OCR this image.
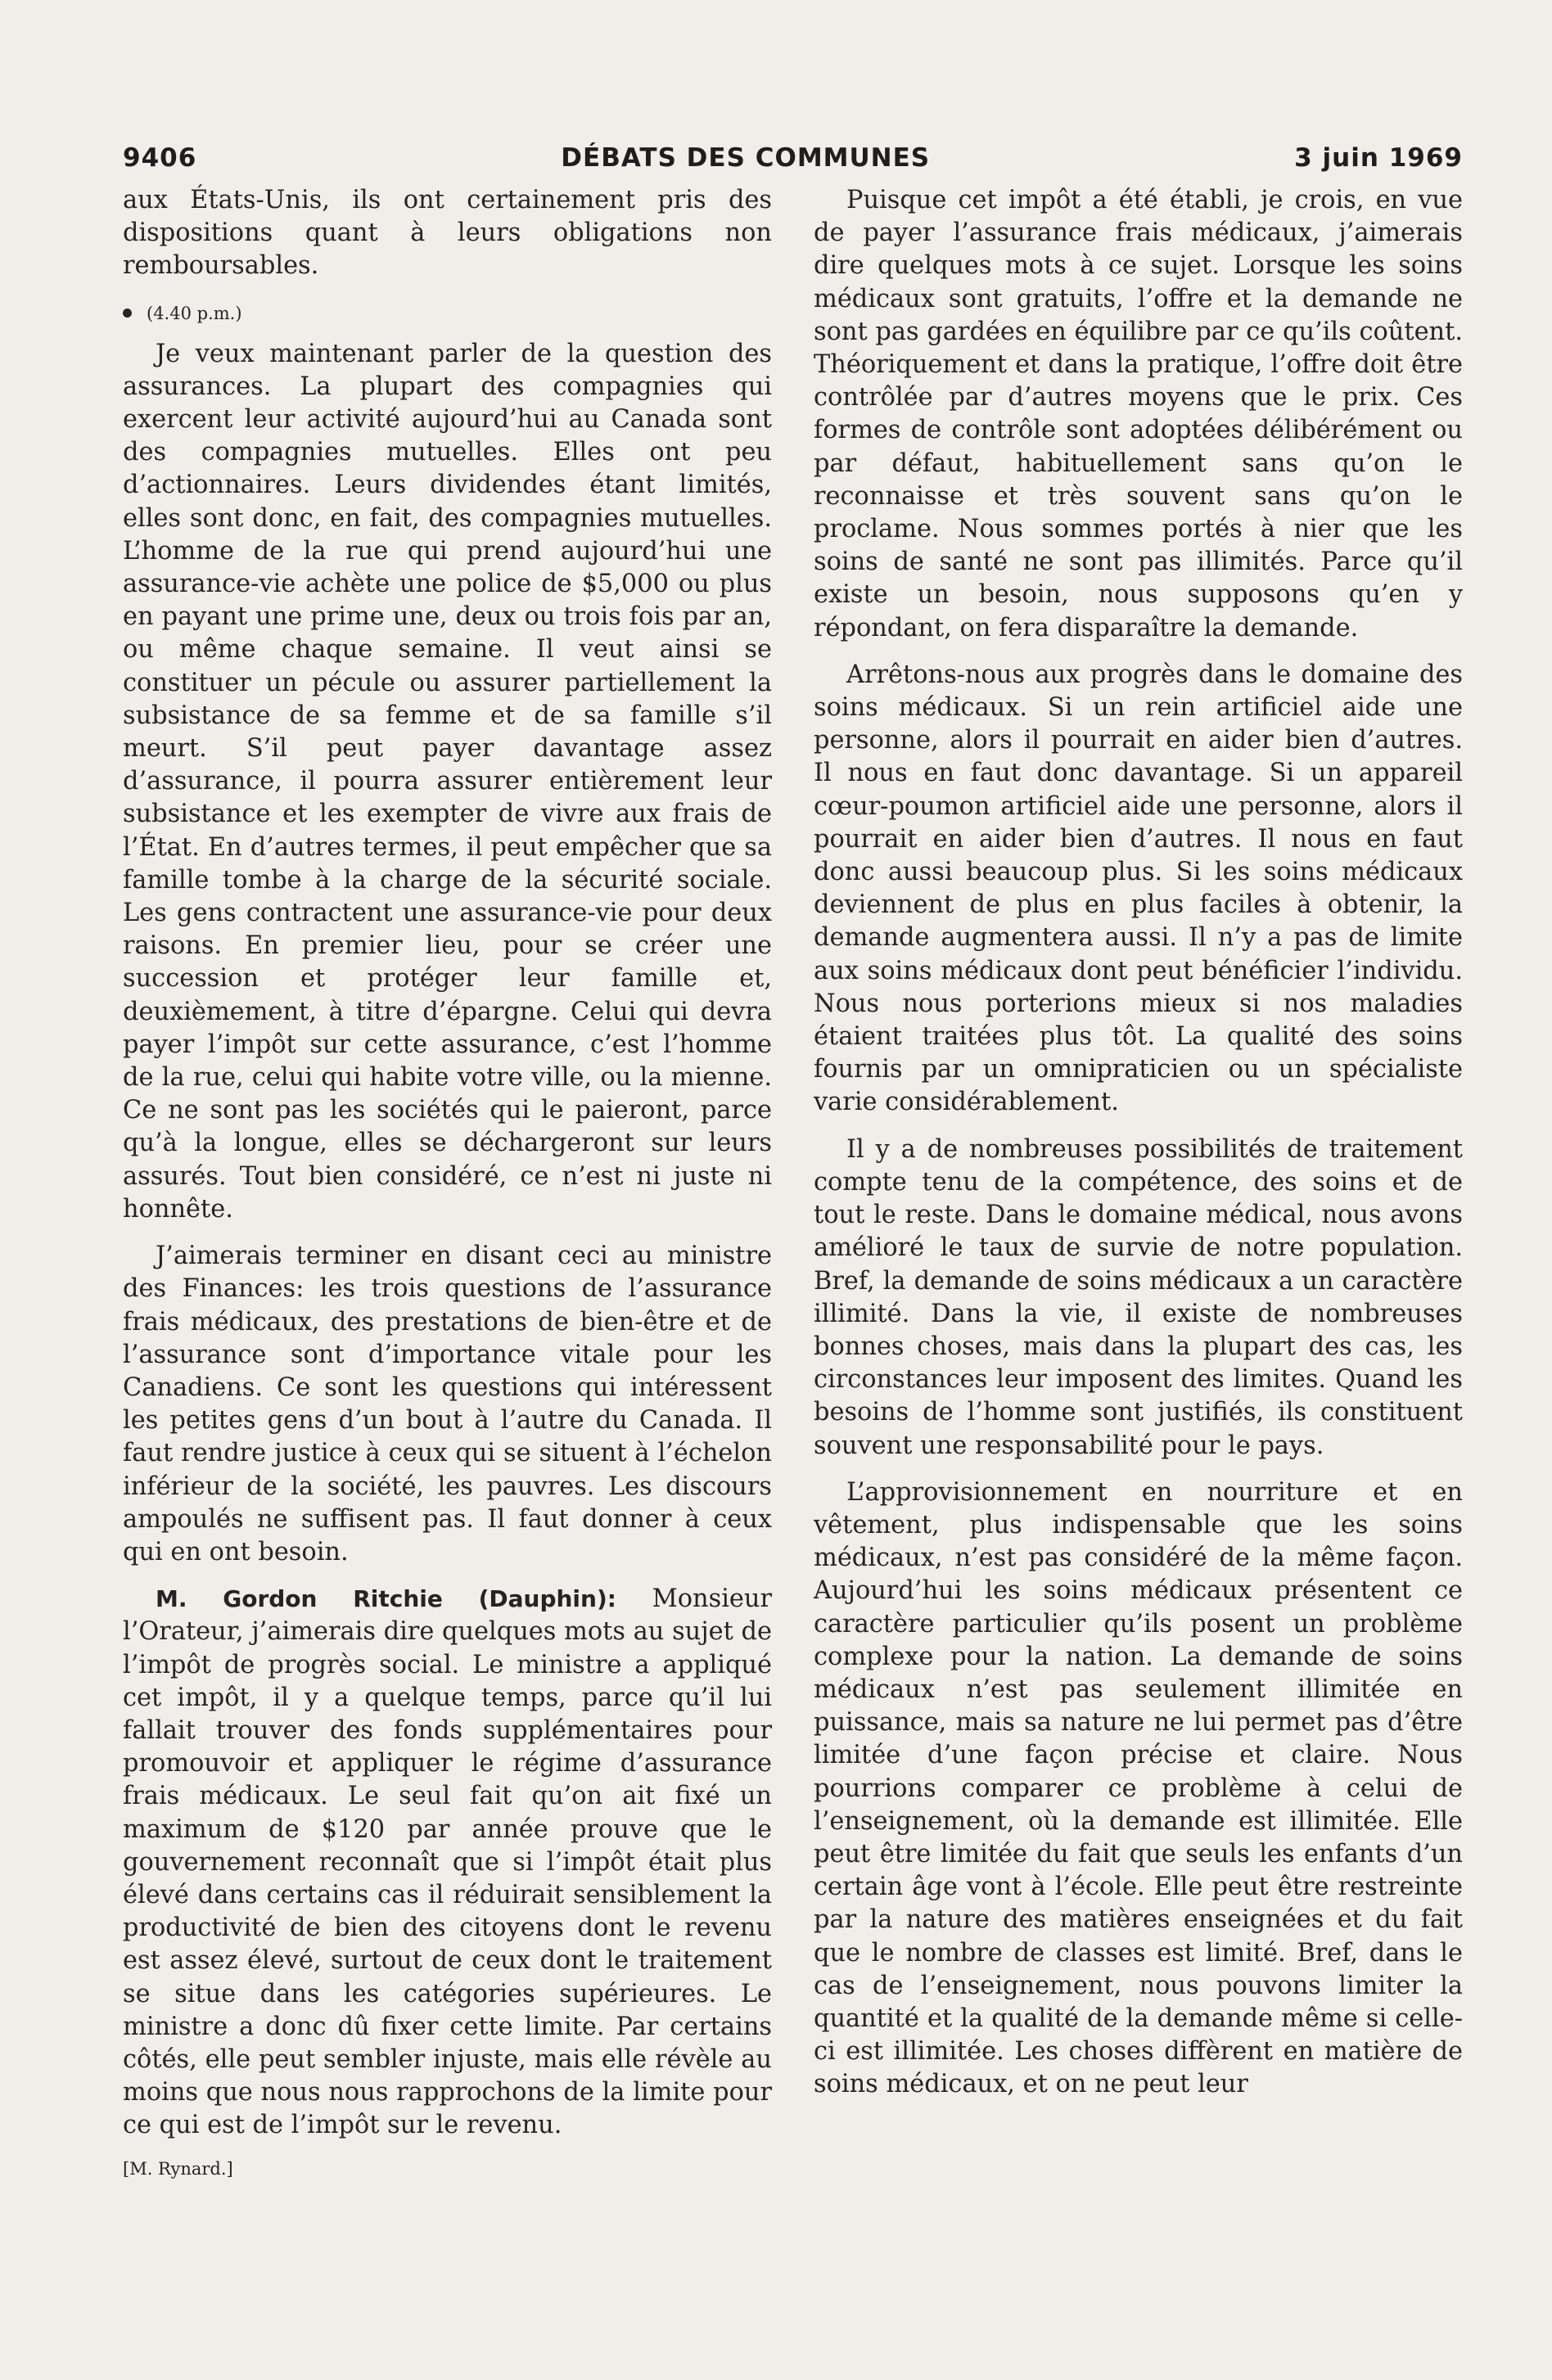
9406	DÉBATS DES COMMUNES	3 juin 1969

aux États-Unis, ils ont certainement pris des dispositions quant à leurs obligations non remboursables.

(4.40 p.m.)

Je veux maintenant parler de la question des assurances. La plupart des compagnies qui exercent leur activité aujourd’hui au Canada sont des compagnies mutuelles. Elles ont peu d’actionnaires. Leurs dividendes étant limités, elles sont donc, en fait, des compagnies mutuelles. L’homme de la rue qui prend aujourd’hui une assurance-vie achète une police de $5,000 ou plus en payant une prime une, deux ou trois fois par an, ou même chaque semaine. Il veut ainsi se constituer un pécule ou assurer partiellement la subsistance de sa femme et de sa famille s’il meurt. S’il peut payer davantage assez d’assurance, il pourra assurer entièrement leur subsistance et les exempter de vivre aux frais de l’État. En d’autres termes, il peut empêcher que sa famille tombe à la charge de la sécurité sociale. Les gens contractent une assurance-vie pour deux raisons. En premier lieu, pour se créer une succession et protéger leur famille et, deuxièmement, à titre d’épargne. Celui qui devra payer l’impôt sur cette assurance, c’est l’homme de la rue, celui qui habite votre ville, ou la mienne. Ce ne sont pas les sociétés qui le paieront, parce qu’à la longue, elles se déchargeront sur leurs assurés. Tout bien considéré, ce n’est ni juste ni honnête.

J’aimerais terminer en disant ceci au ministre des Finances: les trois questions de l’assurance frais médicaux, des prestations de bien-être et de l’assurance sont d’importance vitale pour les Canadiens. Ce sont les questions qui intéressent les petites gens d’un bout à l’autre du Canada. Il faut rendre justice à ceux qui se situent à l’échelon inférieur de la société, les pauvres. Les discours ampoulés ne suffisent pas. Il faut donner à ceux qui en ont besoin.

M. Gordon Ritchie (Dauphin): Monsieur l’Orateur, j’aimerais dire quelques mots au sujet de l’impôt de progrès social. Le ministre a appliqué cet impôt, il y a quelque temps, parce qu’il lui fallait trouver des fonds supplémentaires pour promouvoir et appliquer le régime d’assurance frais médicaux. Le seul fait qu’on ait fixé un maximum de $120 par année prouve que le gouvernement reconnaît que si l’impôt était plus élevé dans certains cas il réduirait sensiblement la productivité de bien des citoyens dont le revenu est assez élevé, surtout de ceux dont le traitement se situe dans les catégories supérieures. Le ministre a donc dû fixer cette limite. Par certains côtés, elle peut sembler injuste, mais elle révèle au moins que nous nous rapprochons de la limite pour ce qui est de l’impôt sur le revenu.

[M. Rynard.]

Puisque cet impôt a été établi, je crois, en vue de payer l’assurance frais médicaux, j’aimerais dire quelques mots à ce sujet. Lorsque les soins médicaux sont gratuits, l’offre et la demande ne sont pas gardées en équilibre par ce qu’ils coûtent. Théoriquement et dans la pratique, l’offre doit être contrôlée par d’autres moyens que le prix. Ces formes de contrôle sont adoptées délibérément ou par défaut, habituellement sans qu’on le reconnaisse et très souvent sans qu’on le proclame. Nous sommes portés à nier que les soins de santé ne sont pas illimités. Parce qu’il existe un besoin, nous supposons qu’en y répondant, on fera disparaître la demande.

Arrêtons-nous aux progrès dans le domaine des soins médicaux. Si un rein artificiel aide une personne, alors il pourrait en aider bien d’autres. Il nous en faut donc davantage. Si un appareil cœur-poumon artificiel aide une personne, alors il pourrait en aider bien d’autres. Il nous en faut donc aussi beaucoup plus. Si les soins médicaux deviennent de plus en plus faciles à obtenir, la demande augmentera aussi. Il n’y a pas de limite aux soins médicaux dont peut bénéficier l’individu. Nous nous porterions mieux si nos maladies étaient traitées plus tôt. La qualité des soins fournis par un omnipraticien ou un spécialiste varie considérablement.

Il y a de nombreuses possibilités de traitement compte tenu de la compétence, des soins et de tout le reste. Dans le domaine médical, nous avons amélioré le taux de survie de notre population. Bref, la demande de soins médicaux a un caractère illimité. Dans la vie, il existe de nombreuses bonnes choses, mais dans la plupart des cas, les circonstances leur imposent des limites. Quand les besoins de l’homme sont justifiés, ils constituent souvent une responsabilité pour le pays.

L’approvisionnement en nourriture et en vêtement, plus indispensable que les soins médicaux, n’est pas considéré de la même façon. Aujourd’hui les soins médicaux présentent ce caractère particulier qu’ils posent un problème complexe pour la nation. La demande de soins médicaux n’est pas seulement illimitée en puissance, mais sa nature ne lui permet pas d’être limitée d’une façon précise et claire. Nous pourrions comparer ce problème à celui de l’enseignement, où la demande est illimitée. Elle peut être limitée du fait que seuls les enfants d’un certain âge vont à l’école. Elle peut être restreinte par la nature des matières enseignées et du fait que le nombre de classes est limité. Bref, dans le cas de l’enseignement, nous pouvons limiter la quantité et la qualité de la demande même si celle-ci est illimitée. Les choses diffèrent en matière de soins médicaux, et on ne peut leur
